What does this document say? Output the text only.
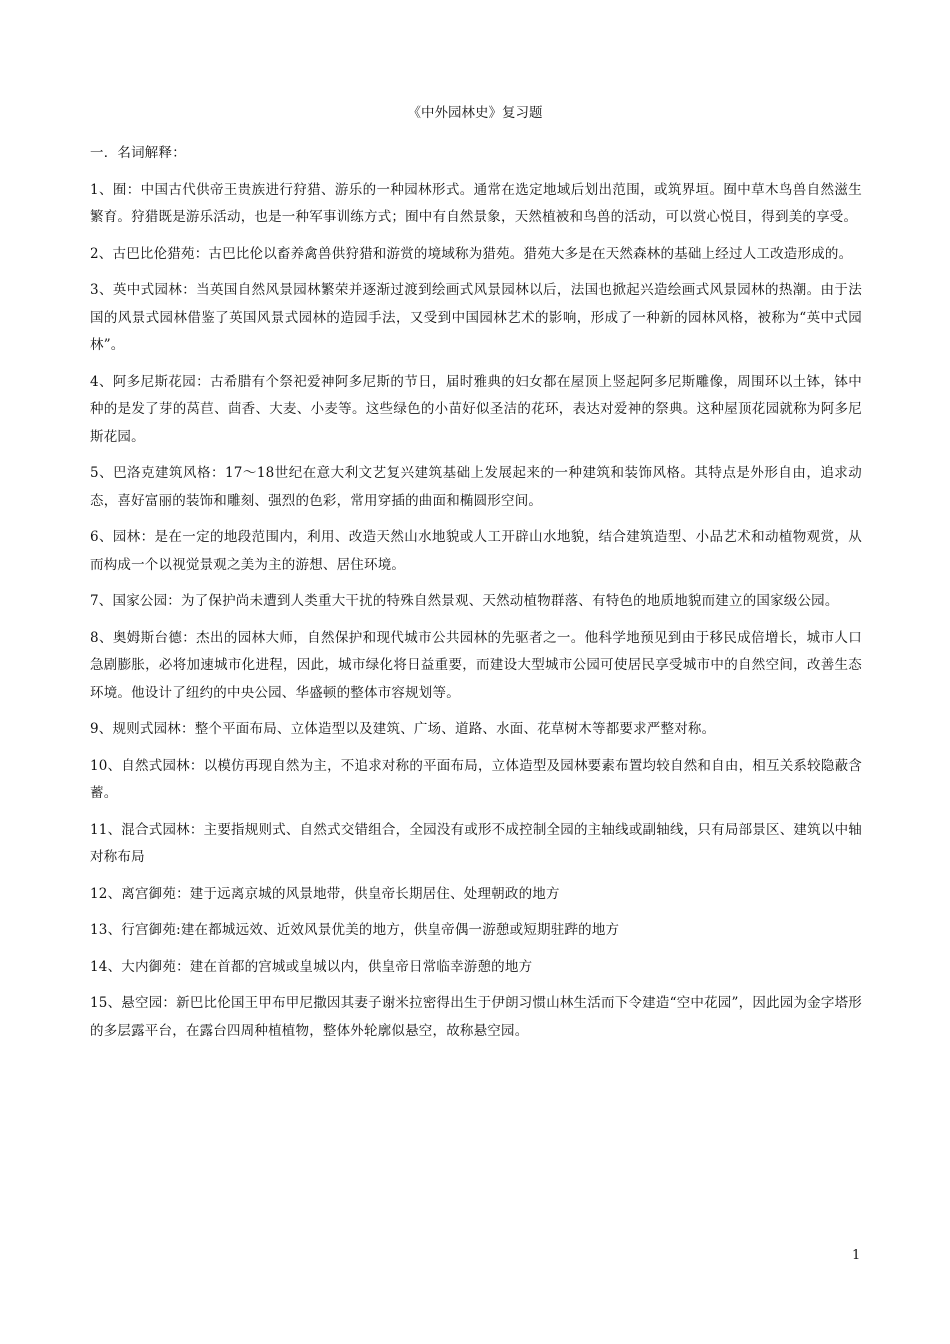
《中外园林史》复习题

一．名词解释：

1、囿：中国古代供帝王贵族进行狩猎、游乐的一种园林形式。通常在选定地域后划出范围，或筑界垣。囿中草木鸟兽自然滋生繁育。狩猎既是游乐活动，也是一种军事训练方式；囿中有自然景象，天然植被和鸟兽的活动，可以赏心悦目，得到美的享受。

2、古巴比伦猎苑：古巴比伦以畜养禽兽供狩猎和游赏的境域称为猎苑。猎苑大多是在天然森林的基础上经过人工改造形成的。

3、英中式园林：当英国自然风景园林繁荣并逐渐过渡到绘画式风景园林以后，法国也掀起兴造绘画式风景园林的热潮。由于法国的风景式园林借鉴了英国风景式园林的造园手法，又受到中国园林艺术的影响，形成了一种新的园林风格，被称为“英中式园林”。

4、阿多尼斯花园：古希腊有个祭祀爱神阿多尼斯的节日，届时雅典的妇女都在屋顶上竖起阿多尼斯雕像，周围环以土钵，钵中种的是发了芽的莴苣、茴香、大麦、小麦等。这些绿色的小苗好似圣洁的花环，表达对爱神的祭典。这种屋顶花园就称为阿多尼斯花园。

5、巴洛克建筑风格：17～18世纪在意大利文艺复兴建筑基础上发展起来的一种建筑和装饰风格。其特点是外形自由，追求动态，喜好富丽的装饰和雕刻、强烈的色彩，常用穿插的曲面和椭圆形空间。

6、园林：是在一定的地段范围内，利用、改造天然山水地貌或人工开辟山水地貌，结合建筑造型、小品艺术和动植物观赏，从而构成一个以视觉景观之美为主的游想、居住环境。

7、国家公园：为了保护尚未遭到人类重大干扰的特殊自然景观、天然动植物群落、有特色的地质地貌而建立的国家级公园。

8、奥姆斯台德：杰出的园林大师，自然保护和现代城市公共园林的先驱者之一。他科学地预见到由于移民成倍增长，城市人口急剧膨胀，必将加速城市化进程，因此，城市绿化将日益重要，而建设大型城市公园可使居民享受城市中的自然空间，改善生态环境。他设计了纽约的中央公园、华盛顿的整体市容规划等。

9、规则式园林：整个平面布局、立体造型以及建筑、广场、道路、水面、花草树木等都要求严整对称。

10、自然式园林：以模仿再现自然为主，不追求对称的平面布局，立体造型及园林要素布置均较自然和自由，相互关系较隐蔽含蓄。

11、混合式园林：主要指规则式、自然式交错组合，全园没有或形不成控制全园的主轴线或副轴线，只有局部景区、建筑以中轴对称布局

12、离宫御苑：建于远离京城的风景地带，供皇帝长期居住、处理朝政的地方

13、行宫御苑:建在都城远效、近效风景优美的地方，供皇帝偶一游憩或短期驻跸的地方

14、大内御苑：建在首都的宫城或皇城以内，供皇帝日常临幸游憩的地方

15、悬空园：新巴比伦国王甲布甲尼撒因其妻子谢米拉密得出生于伊朗习惯山林生活而下令建造“空中花园”，因此园为金字塔形的多层露平台，在露台四周种植植物，整体外轮廓似悬空，故称悬空园。

1
